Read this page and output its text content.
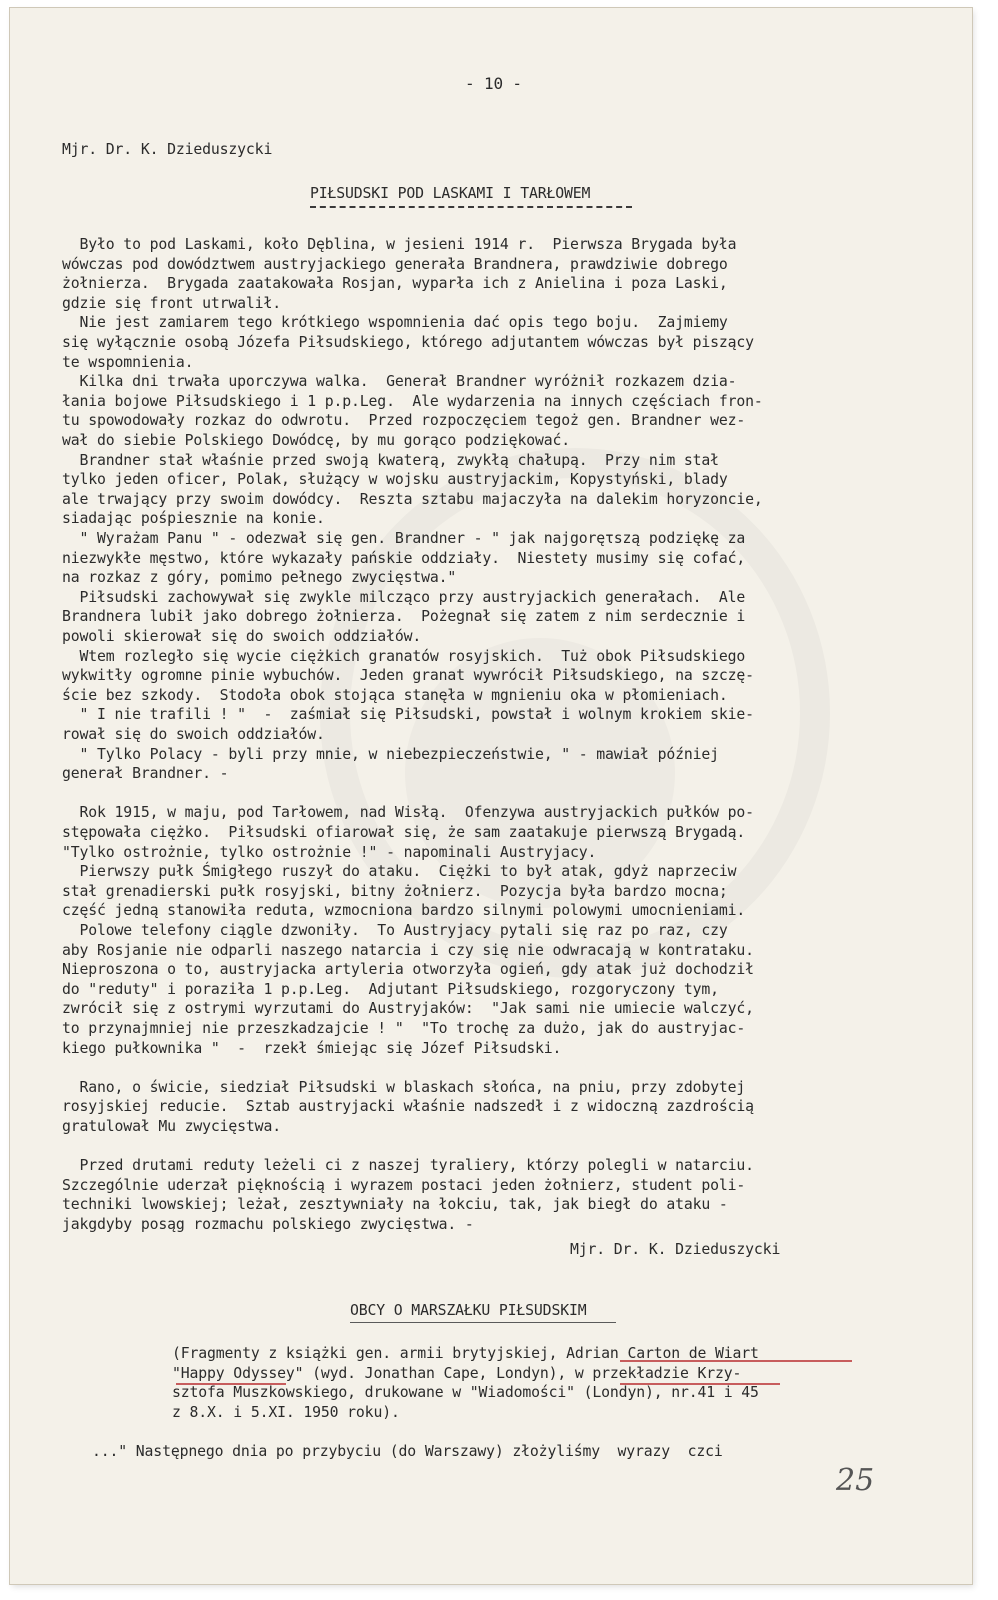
- 10 -
Mjr. Dr. K. Dzieduszycki
PIŁSUDSKI POD LASKAMI I TARŁOWEM
Było to pod Laskami, koło Dęblina, w jesieni 1914 r.  Pierwsza Brygada była
wówczas pod dowództwem austryjackiego generała Brandnera, prawdziwie dobrego
żołnierza.  Brygada zaatakowała Rosjan, wyparła ich z Anielina i poza Laski,
gdzie się front utrwalił.
Nie jest zamiarem tego krótkiego wspomnienia dać opis tego boju.  Zajmiemy
się wyłącznie osobą Józefa Piłsudskiego, którego adjutantem wówczas był piszący
te wspomnienia.
Kilka dni trwała uporczywa walka.  Generał Brandner wyróżnił rozkazem dzia-
łania bojowe Piłsudskiego i 1 p.p.Leg.  Ale wydarzenia na innych częściach fron-
tu spowodowały rozkaz do odwrotu.  Przed rozpoczęciem tegoż gen. Brandner wez-
wał do siebie Polskiego Dowódcę, by mu gorąco podziękować.
Brandner stał właśnie przed swoją kwaterą, zwykłą chałupą.  Przy nim stał
tylko jeden oficer, Polak, służący w wojsku austryjackim, Kopystyński, blady
ale trwający przy swoim dowódcy.  Reszta sztabu majaczyła na dalekim horyzoncie,
siadając pośpiesznie na konie.
" Wyrażam Panu " - odezwał się gen. Brandner - " jak najgoręτszą podziękę za
niezwykłe męstwo, które wykazały pańskie oddziały.  Niestety musimy się cofać,
na rozkaz z góry, pomimo pełnego zwycięstwa."
Piłsudski zachowywał się zwykle milcząco przy austryjackich generałach.  Ale
Brandnera lubił jako dobrego żołnierza.  Pożegnał się zatem z nim serdecznie i
powoli skierował się do swoich oddziałów.
Wtem rozległo się wycie ciężkich granatów rosyjskich.  Tuż obok Piłsudskiego
wykwitły ogromne pinie wybuchów.  Jeden granat wywrócił Piłsudskiego, na szczę-
ście bez szkody.  Stodoła obok stojąca stanęła w mgnieniu oka w płomieniach.
" I nie trafili ! "  -  zaśmiał się Piłsudski, powstał i wolnym krokiem skie-
rował się do swoich oddziałów.
" Tylko Polacy - byli przy mnie, w niebezpieczeństwie, " - mawiał później
generał Brandner. -
Rok 1915, w maju, pod Tarłowem, nad Wisłą.  Ofenzywa austryjackich pułków po-
stępowała ciężko.  Piłsudski ofiarował się, że sam zaatakuje pierwszą Brygadą.
"Tylko ostrożnie, tylko ostrożnie !" - napominali Austryjacy.
Pierwszy pułk Śmigłego ruszył do ataku.  Ciężki to był atak, gdyż naprzeciw
stał grenadierski pułk rosyjski, bitny żołnierz.  Pozycja była bardzo mocna;
część jedną stanowiła reduta, wzmocniona bardzo silnymi polowymi umocnieniami.
Polowe telefony ciągle dzwoniły.  To Austryjacy pytali się raz po raz, czy
aby Rosjanie nie odparli naszego natarcia i czy się nie odwracają w kontrataku.
Nieproszona o to, austryjacka artyleria otworzyła ogień, gdy atak już dochodził
do "reduty" i poraziła 1 p.p.Leg.  Adjutant Piłsudskiego, rozgoryczony tym,
zwrócił się z ostrymi wyrzutami do Austryjaków:  "Jak sami nie umiecie walczyć,
to przynajmniej nie przeszkadzajcie ! "  "To trochę za dużo, jak do austryjac-
kiego pułkownika "  -  rzekł śmiejąc się Józef Piłsudski.
Rano, o świcie, siedział Piłsudski w blaskach słońca, na pniu, przy zdobytej
rosyjskiej reducie.  Sztab austryjacki właśnie nadszedł i z widoczną zazdrością
gratulował Mu zwycięstwa.
Przed drutami reduty leżeli ci z naszej tyraliery, którzy polegli w natarciu.
Szczególnie uderzał pięknością i wyrazem postaci jeden żołnierz, student poli-
techniki lwowskiej; leżał, zesztywniały na łokciu, tak, jak biegł do ataku -
jakgdyby posąg rozmachu polskiego zwycięstwa. -
Mjr. Dr. K. Dzieduszycki
OBCY O MARSZAŁKU PIŁSUDSKIM
(Fragmenty z książki gen. armii brytyjskiej, Adrian Carton de Wiart
"Happy Odyssey" (wyd. Jonathan Cape, Londyn), w przekładzie Krzy-
sztofa Muszkowskiego, drukowane w "Wiadomości" (Londyn), nr.41 i 45
z 8.X. i 5.XI. 1950 roku).
..." Następnego dnia po przybyciu (do Warszawy) złożyliśmy  wyrazy  czci
25
